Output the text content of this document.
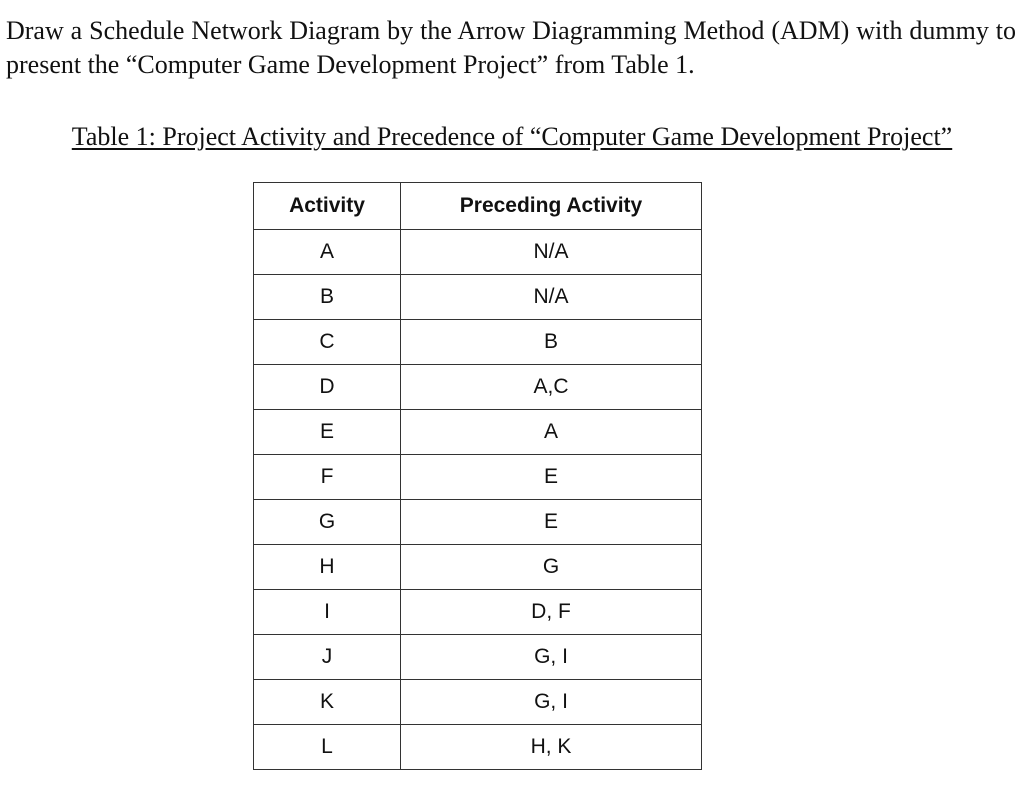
Draw a Schedule Network Diagram by the Arrow Diagramming Method (ADM) with dummy to present the “Computer Game Development Project” from Table 1.

Table 1: Project Activity and Precedence of “Computer Game Development Project”

Activity	Preceding Activity
A	N/A
B	N/A
C	B
D	A,C
E	A
F	E
G	E
H	G
I	D, F
J	G, I
K	G, I
L	H, K
